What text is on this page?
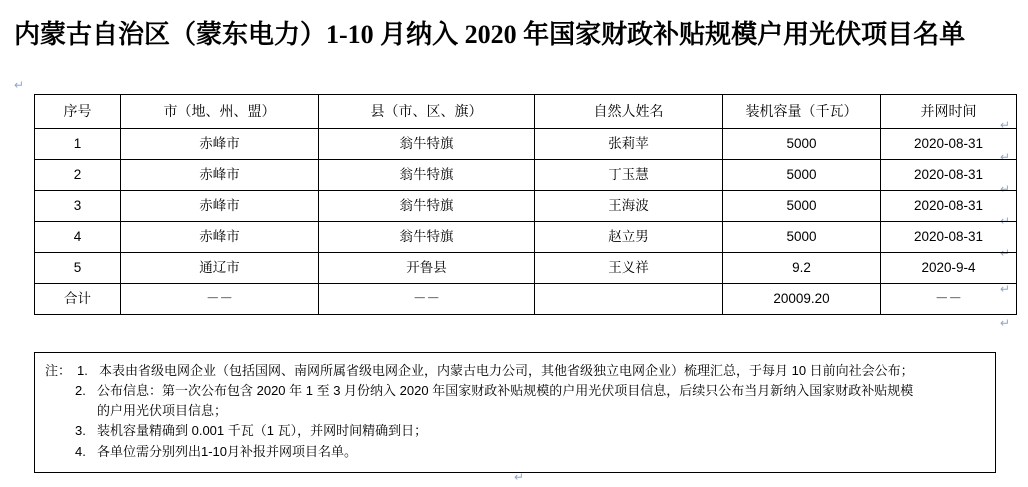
内蒙古自治区（蒙东电力）1-10 月纳入 2020 年国家财政补贴规模户用光伏项目名单
↵
↵
↵
↵
↵
↵
↵
↵
↵
序号	市（地、州、盟）	县（市、区、旗）	自然人姓名	装机容量（千瓦）	并网时间
1	赤峰市	翁牛特旗	张莉苹	5000	2020-08-31
2	赤峰市	翁牛特旗	丁玉慧	5000	2020-08-31
3	赤峰市	翁牛特旗	王海波	5000	2020-08-31
4	赤峰市	翁牛特旗	赵立男	5000	2020-08-31
5	通辽市	开鲁县	王义祥	9.2	2020-9-4
合计	－－	－－		20009.20	－－
注： 1. 本表由省级电网企业（包括国网、南网所属省级电网企业，内蒙古电力公司，其他省级独立电网企业）梳理汇总，于每月 10 日前向社会公布；
2. 公布信息：第一次公布包含 2020 年 1 至 3 月份纳入 2020 年国家财政补贴规模的户用光伏项目信息，后续只公布当月新纳入国家财政补贴规模
的户用光伏项目信息；
3. 装机容量精确到 0.001 千瓦（1 瓦），并网时间精确到日；
4. 各单位需分别列出1-10月补报并网项目名单。
